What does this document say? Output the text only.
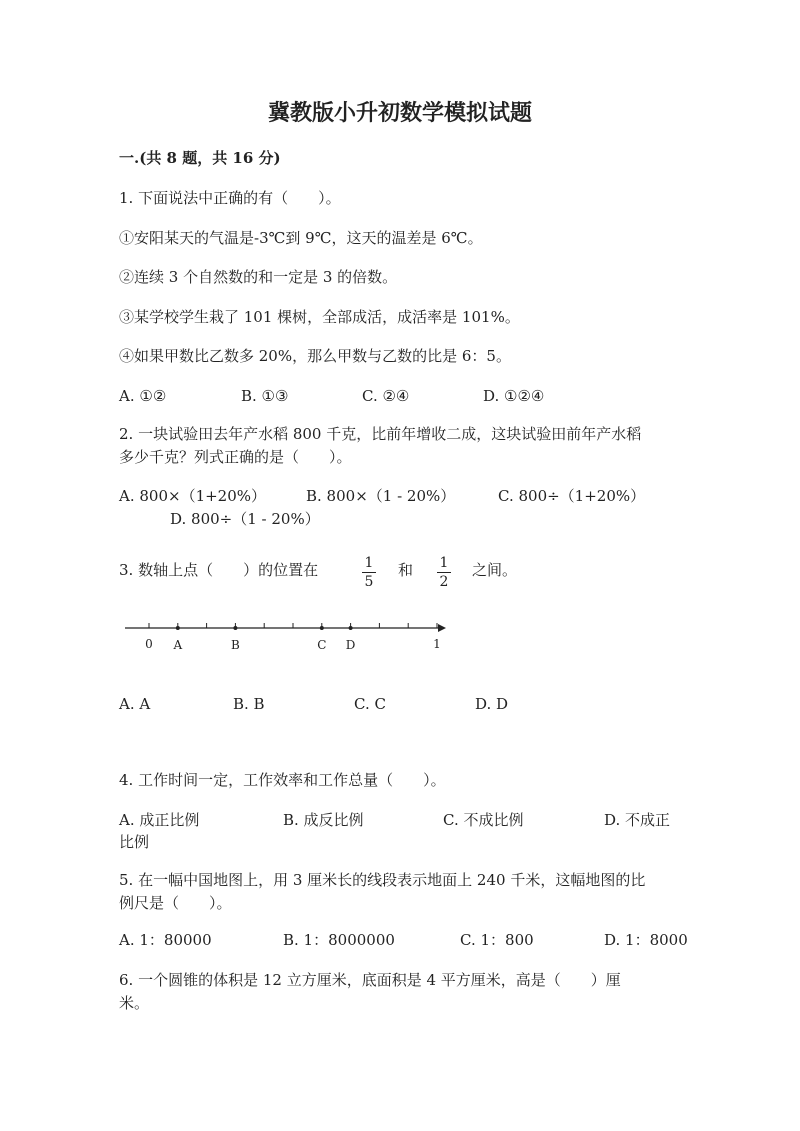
冀教版小升初数学模拟试题
一.(共 8 题，共 16 分)
1. 下面说法中正确的有（　　）。
①安阳某天的气温是-3℃到 9℃，这天的温差是 6℃。
②连续 3 个自然数的和一定是 3 的倍数。
③某学校学生栽了 101 棵树，全部成活，成活率是 101%。
④如果甲数比乙数多 20%，那么甲数与乙数的比是 6：5。
A. ①②	B. ①③	C. ②④	D. ①②④
2. 一块试验田去年产水稻 800 千克，比前年增收二成，这块试验田前年产水稻
多少千克？列式正确的是（　　）。
A. 800×（1+20%）	B. 800×（1 - 20%）	C. 800÷（1+20%）
D. 800÷（1 - 20%）
3. 数轴上点（　　）的位置在	1
5
和 1
2
之间。
0	1
A	B	C D
A. A	B. B	C. C	D. D
4. 工作时间一定，工作效率和工作总量（　　）。
A. 成正比例	B. 成反比例	C. 不成比例	D. 不成正
比例
5. 在一幅中国地图上，用 3 厘米长的线段表示地面上 240 千米，这幅地图的比
例尺是（　　）。
A. 1：80000	B. 1：8000000	C. 1：800	D. 1：8000
6. 一个圆锥的体积是 12 立方厘米，底面积是 4 平方厘米，高是（　　）厘
米。
